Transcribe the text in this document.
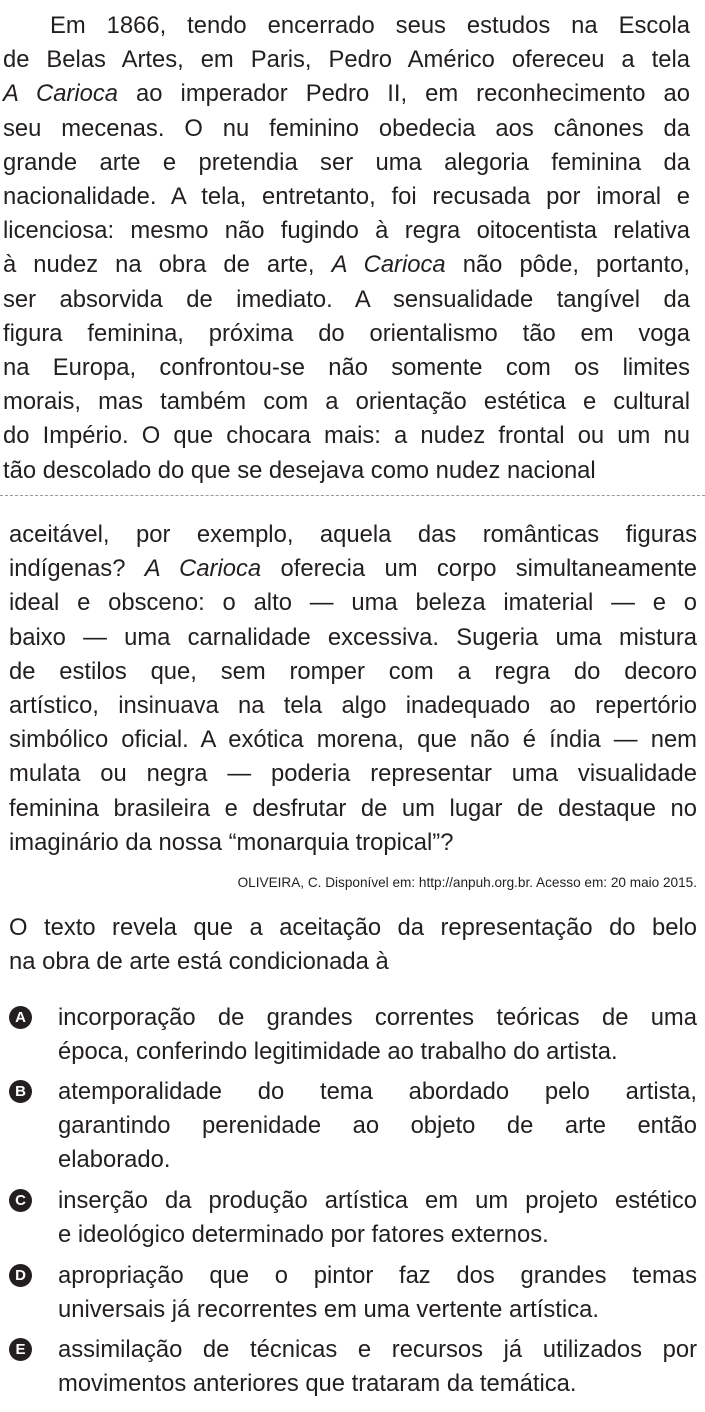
Em 1866, tendo encerrado seus estudos na Escola
de Belas Artes, em Paris, Pedro Américo ofereceu a tela
A Carioca ao imperador Pedro II, em reconhecimento ao
seu mecenas. O nu feminino obedecia aos cânones da
grande arte e pretendia ser uma alegoria feminina da
nacionalidade. A tela, entretanto, foi recusada por imoral e
licenciosa: mesmo não fugindo à regra oitocentista relativa
à nudez na obra de arte, A Carioca não pôde, portanto,
ser absorvida de imediato. A sensualidade tangível da
figura feminina, próxima do orientalismo tão em voga
na Europa, confrontou-se não somente com os limites
morais, mas também com a orientação estética e cultural
do Império. O que chocara mais: a nudez frontal ou um nu
tão descolado do que se desejava como nudez nacional
aceitável, por exemplo, aquela das românticas figuras
indígenas? A Carioca oferecia um corpo simultaneamente
ideal e obsceno: o alto — uma beleza imaterial — e o
baixo — uma carnalidade excessiva. Sugeria uma mistura
de estilos que, sem romper com a regra do decoro
artístico, insinuava na tela algo inadequado ao repertório
simbólico oficial. A exótica morena, que não é índia — nem
mulata ou negra — poderia representar uma visualidade
feminina brasileira e desfrutar de um lugar de destaque no
imaginário da nossa “monarquia tropical”?
OLIVEIRA, C. Disponível em: http://anpuh.org.br. Acesso em: 20 maio 2015.
O texto revela que a aceitação da representação do belo
na obra de arte está condicionada à
A incorporação de grandes correntes teóricas de uma
época, conferindo legitimidade ao trabalho do artista.
B atemporalidade do tema abordado pelo artista,
garantindo perenidade ao objeto de arte então
elaborado.
C inserção da produção artística em um projeto estético
e ideológico determinado por fatores externos.
D apropriação que o pintor faz dos grandes temas
universais já recorrentes em uma vertente artística.
E assimilação de técnicas e recursos já utilizados por
movimentos anteriores que trataram da temática.
